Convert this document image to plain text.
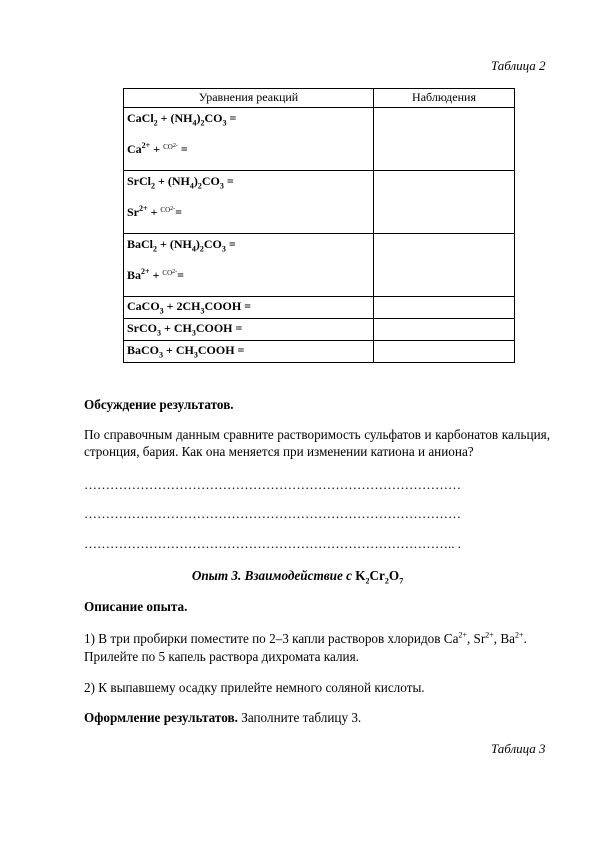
Таблица 2
Уравнения реакций	Наблюдения

CaCl$_2$ + $(NH_4)_2CO_3$ =
$Ca^{2+} + ^{CO2-}$ =	

SrCl$_2$ + $(NH_4)_2CO_3$ =
$Sr^{2+} + ^{CO2-}=$	

BaCl$_2$ + $(NH_4)_2CO_3$ =
$Ba^{2+} + ^{CO2-}=$	

CaCO$_3$ + $2CH_3COOH$ =	
SrCO$_3$ + $CH_3COOH$ =	
BaCO$_3$ + $CH_3COOH$ =	
Обсуждение результатов.
По справочным данным сравните растворимость сульфатов и карбонатов кальция, стронция, бария. Как она меняется при изменении катиона и аниона?
……………………………………………………………………………
……………………………………………………………………………
………………………………………………………………………….. .
Опыт 3. Взаимодействие с $K_2Cr_2O_7$
Описание опыта.
1) В три пробирки поместите по 2–3 капли растворов хлоридов $Ca^{2+}$, $Sr^{2+}$, $Ba^{2+}$.
Прилейте по 5 капель раствора дихромата калия.
2) К выпавшему осадку прилейте немного соляной кислоты.
Оформление результатов. Заполните таблицу 3.
Таблица 3
